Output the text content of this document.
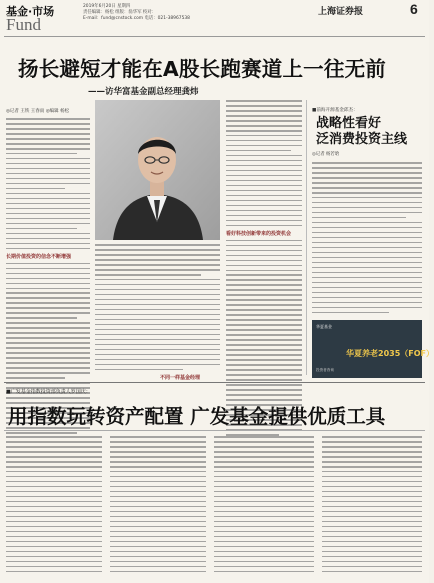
基金·市场
Fund
2019年6月20日 星期四
责任编辑：杨松 组版：翁华军 校对：
E-mail：fund@cnstock.com 电话：021-38967538
上海证券报	6
扬长避短才能在A股长跑赛道上一往无前
——访华富基金副总经理龚炜
◎记者 王铁 王春雨 ◎编辑 杨松
长期价值投资的信念不断增强
看好科技创新带来的投资机会
不同一样基金经理
■前海开源基金邱杰：
战略性看好
泛消费投资主线
◎记者 杨若晗
华夏基金
华夏养老2035（FOF）
投资者咨询
■广发基金指数投资部负责人罗国庆：
用指数玩转资产配置 广发基金提供优质工具
